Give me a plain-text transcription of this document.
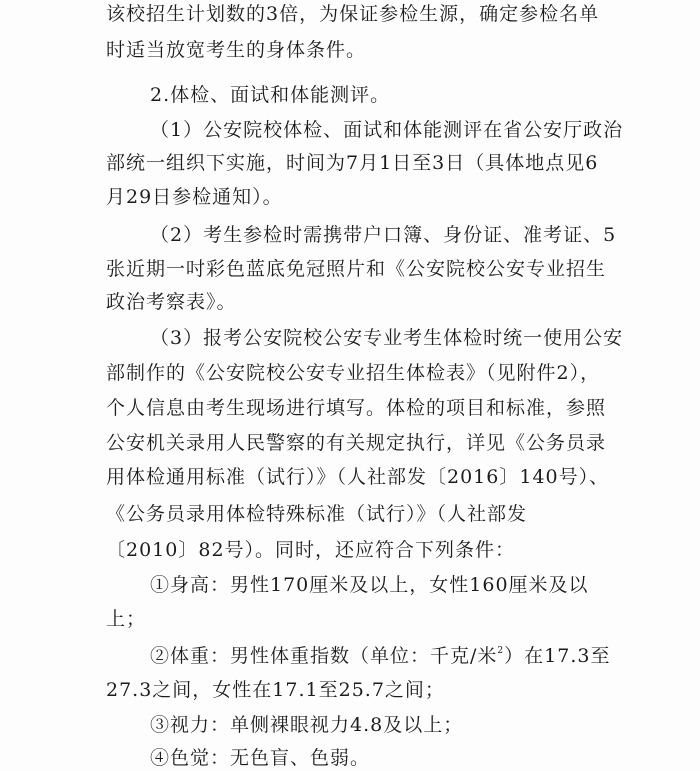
该校招生计划数的3倍，为保证参检生源，确定参检名单
时适当放宽考生的身体条件。
2.体检、面试和体能测评。
（1）公安院校体检、面试和体能测评在省公安厅政治
部统一组织下实施，时间为7月1日至3日（具体地点见6
月29日参检通知）。
（2）考生参检时需携带户口簿、身份证、准考证、5
张近期一吋彩色蓝底免冠照片和《公安院校公安专业招生
政治考察表》。
（3）报考公安院校公安专业考生体检时统一使用公安
部制作的《公安院校公安专业招生体检表》（见附件2），
个人信息由考生现场进行填写。体检的项目和标准，参照
公安机关录用人民警察的有关规定执行，详见《公务员录
用体检通用标准（试行）》（人社部发〔2016〕140号）、
《公务员录用体检特殊标准（试行）》（人社部发
〔2010〕82号）。同时，还应符合下列条件：
①身高：男性170厘米及以上，女性160厘米及以
上；
②体重：男性体重指数（单位：千克/米$^2$）在17.3至
27.3之间，女性在17.1至25.7之间；
③视力：单侧裸眼视力4.8及以上；
④色觉：无色盲、色弱。
